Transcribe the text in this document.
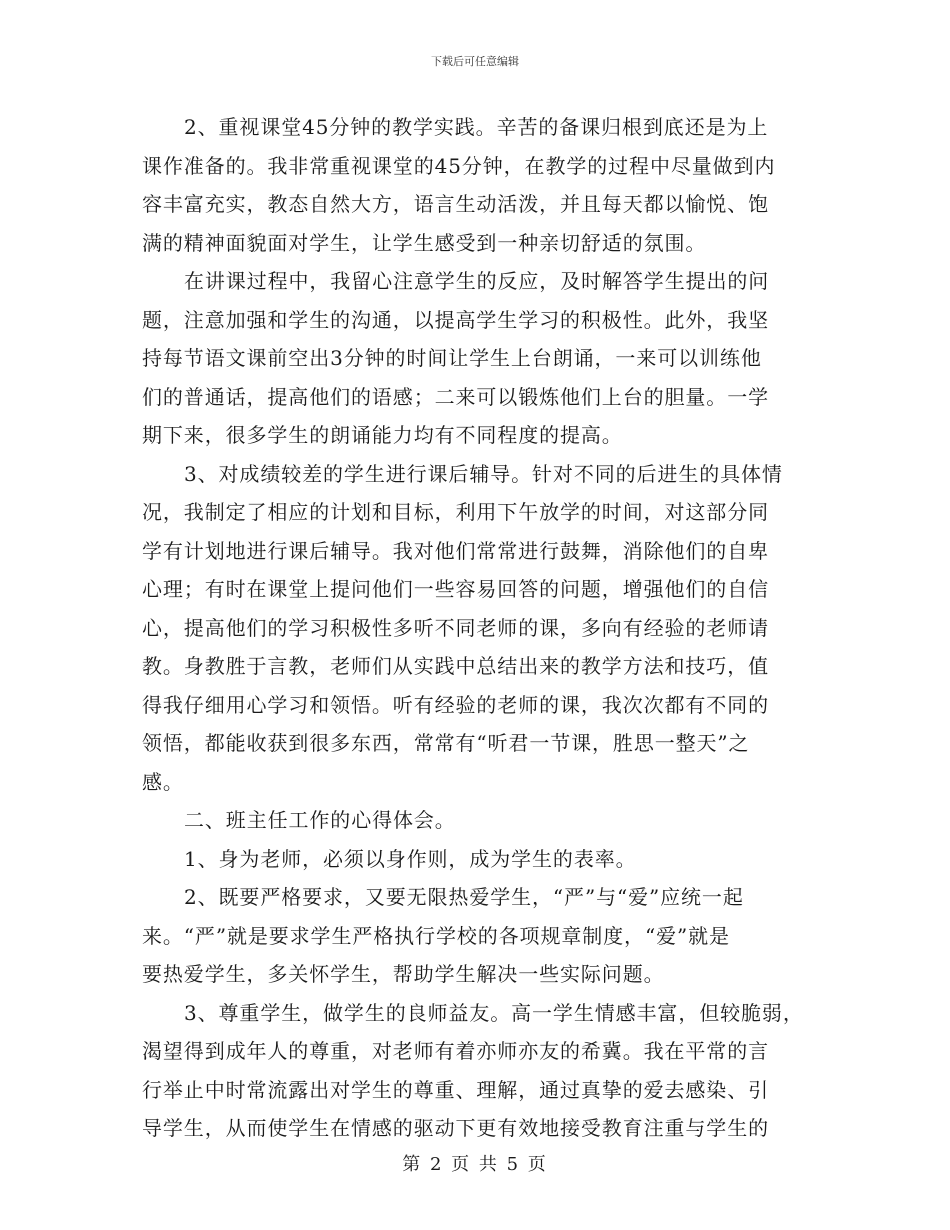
下载后可任意编辑
2、重视课堂45分钟的教学实践。辛苦的备课归根到底还是为上
课作准备的。我非常重视课堂的45分钟，在教学的过程中尽量做到内
容丰富充实，教态自然大方，语言生动活泼，并且每天都以愉悦、饱
满的精神面貌面对学生，让学生感受到一种亲切舒适的氛围。
在讲课过程中，我留心注意学生的反应，及时解答学生提出的问
题，注意加强和学生的沟通，以提高学生学习的积极性。此外，我坚
持每节语文课前空出3分钟的时间让学生上台朗诵，一来可以训练他
们的普通话，提高他们的语感；二来可以锻炼他们上台的胆量。一学
期下来，很多学生的朗诵能力均有不同程度的提高。
3、对成绩较差的学生进行课后辅导。针对不同的后进生的具体情
况，我制定了相应的计划和目标，利用下午放学的时间，对这部分同
学有计划地进行课后辅导。我对他们常常进行鼓舞，消除他们的自卑
心理；有时在课堂上提问他们一些容易回答的问题，增强他们的自信
心，提高他们的学习积极性多听不同老师的课，多向有经验的老师请
教。身教胜于言教，老师们从实践中总结出来的教学方法和技巧，值
得我仔细用心学习和领悟。听有经验的老师的课，我次次都有不同的
领悟，都能收获到很多东西，常常有“听君一节课，胜思一整天”之
感。
二、班主任工作的心得体会。
1、身为老师，必须以身作则，成为学生的表率。
2、既要严格要求，又要无限热爱学生，“严”与“爱”应统一起
来。“严”就是要求学生严格执行学校的各项规章制度，“爱”就是
要热爱学生，多关怀学生，帮助学生解决一些实际问题。
3、尊重学生，做学生的良师益友。高一学生情感丰富，但较脆弱，
渴望得到成年人的尊重，对老师有着亦师亦友的希冀。我在平常的言
行举止中时常流露出对学生的尊重、理解，通过真挚的爱去感染、引
导学生，从而使学生在情感的驱动下更有效地接受教育注重与学生的
第 2 页 共 5 页
